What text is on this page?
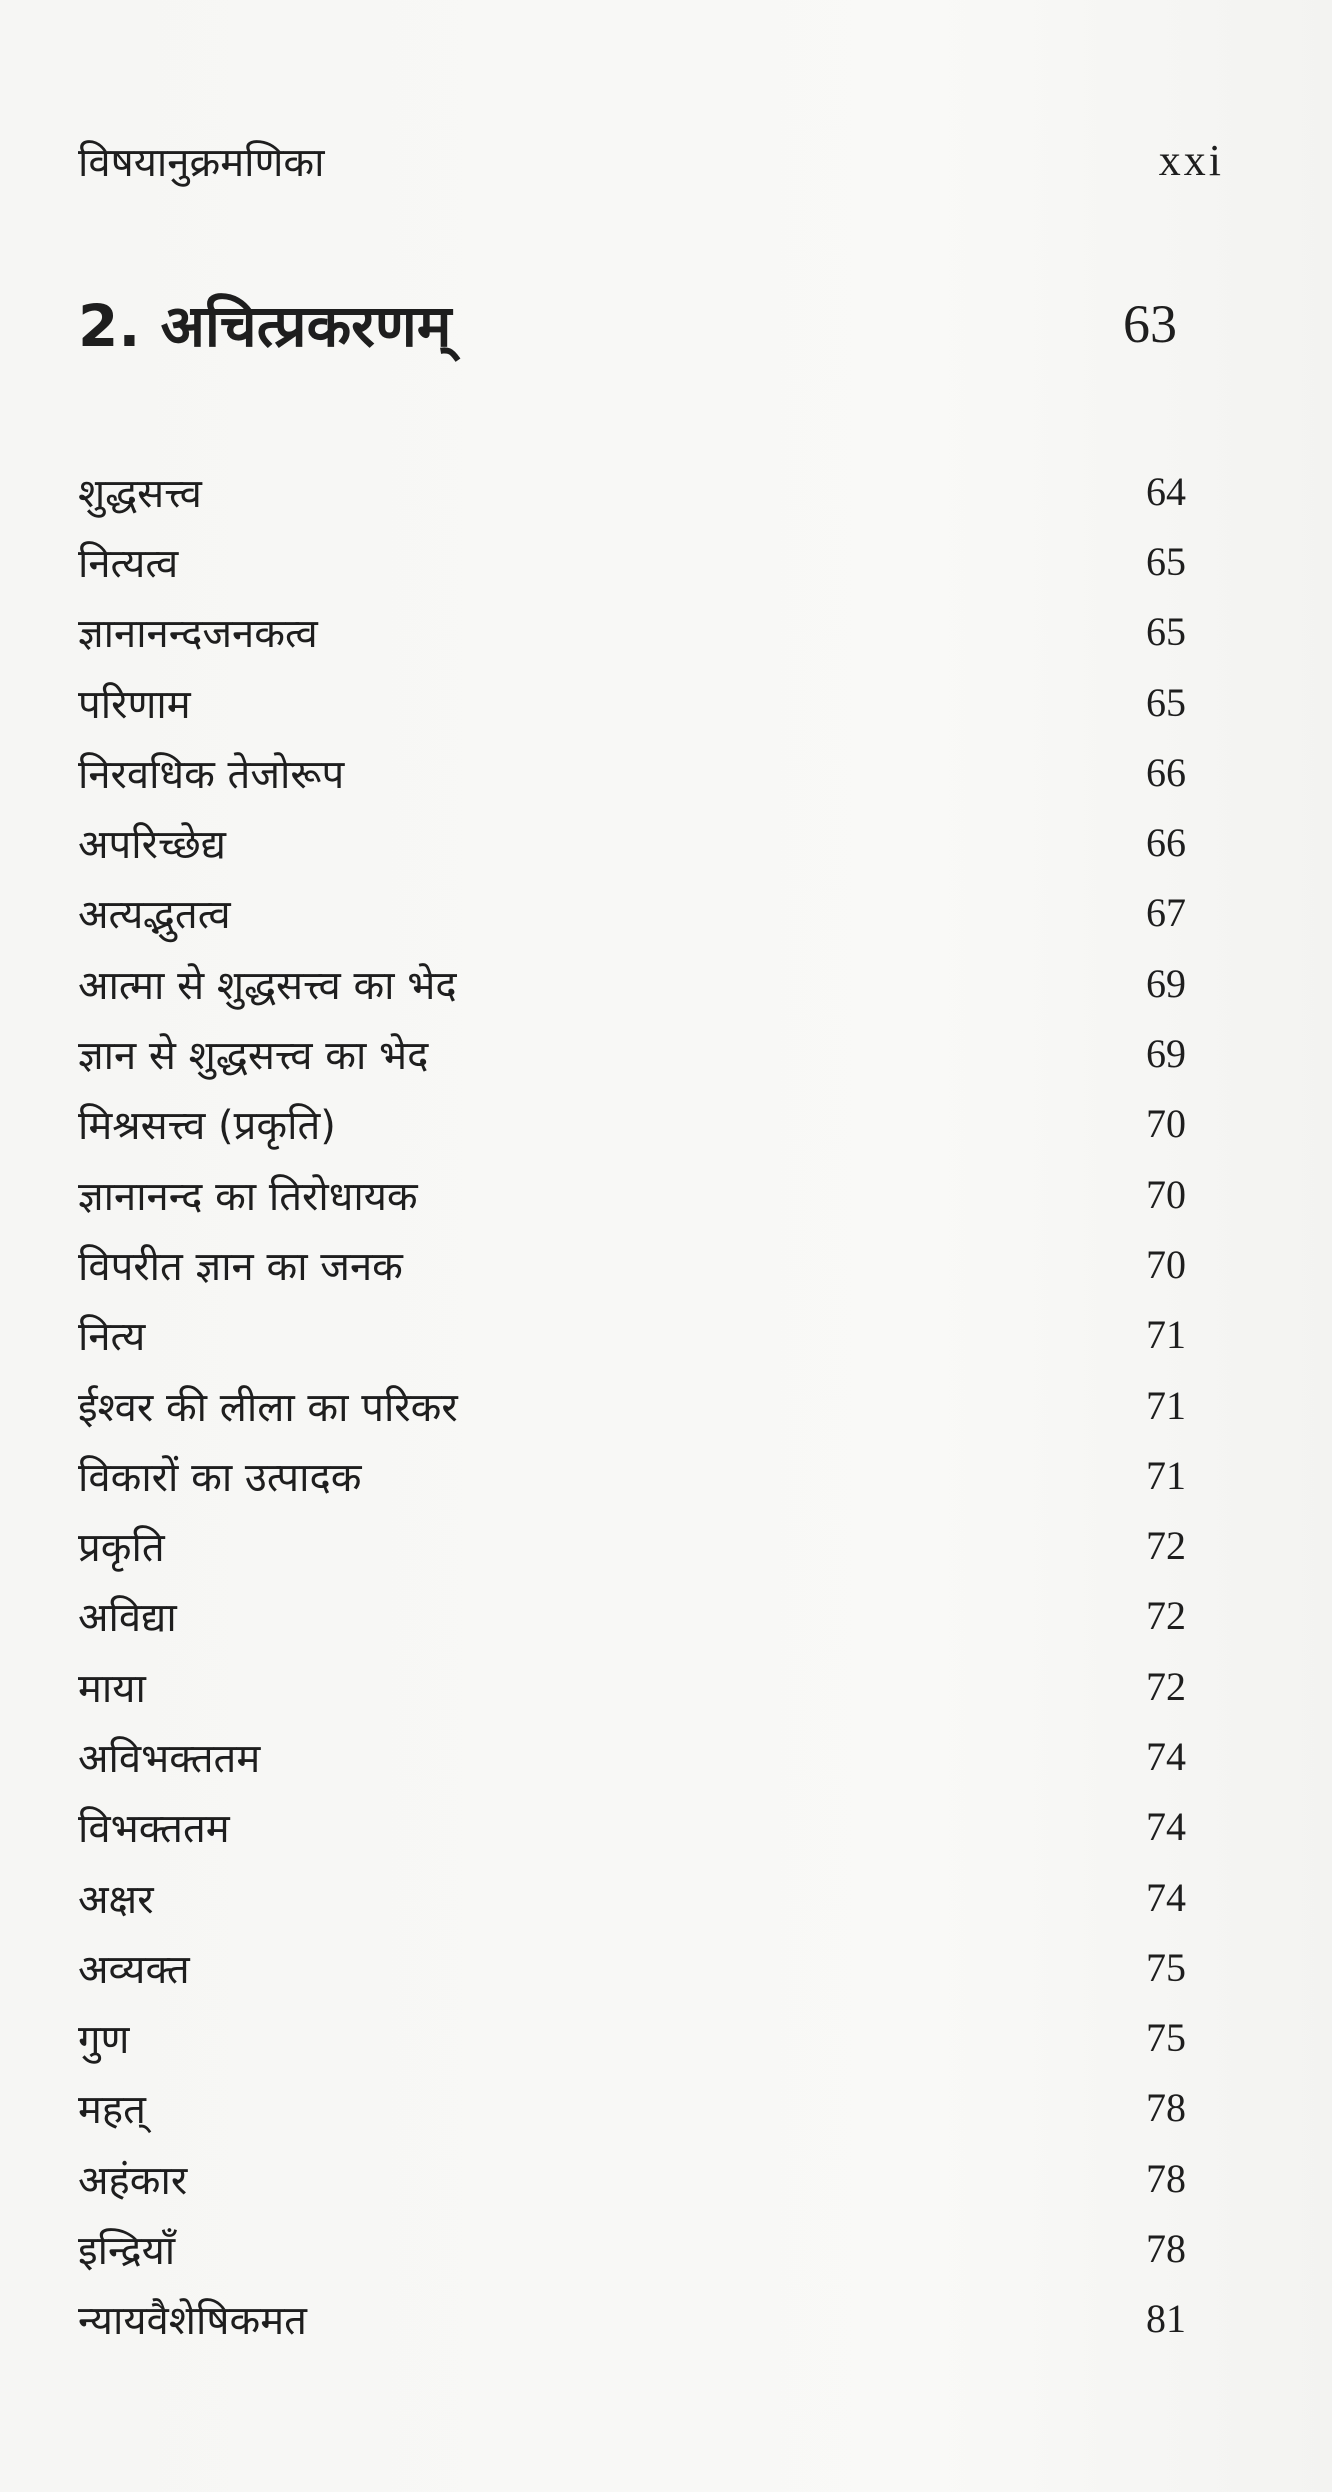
विषयानुक्रमणिका	xxi
2. अचित्प्रकरणम्	63
शुद्धसत्त्व	64
नित्यत्व	65
ज्ञानानन्दजनकत्व	65
परिणाम	65
निरवधिक तेजोरूप	66
अपरिच्छेद्य	66
अत्यद्भुतत्व	67
आत्मा से शुद्धसत्त्व का भेद	69
ज्ञान से शुद्धसत्त्व का भेद	69
मिश्रसत्त्व (प्रकृति)	70
ज्ञानानन्द का तिरोधायक	70
विपरीत ज्ञान का जनक	70
नित्य	71
ईश्वर की लीला का परिकर	71
विकारों का उत्पादक	71
प्रकृति	72
अविद्या	72
माया	72
अविभक्ततम	74
विभक्ततम	74
अक्षर	74
अव्यक्त	75
गुण	75
महत्	78
अहंकार	78
इन्द्रियाँ	78
न्यायवैशेषिकमत	81
